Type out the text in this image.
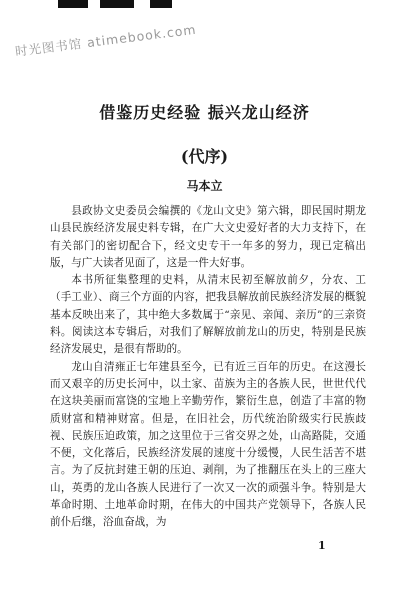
时光图书馆 atimebook.com
借鉴历史经验 振兴龙山经济
(代序)
马本立

县政协文史委员会编撰的《龙山文史》第六辑，即民国时期龙山县民族经济发展史料专辑，在广大文史爱好者的大力支持下，在有关部门的密切配合下，经文史专干一年多的努力，现已定稿出版，与广大读者见面了，这是一件大好事。

本书所征集整理的史料，从清末民初至解放前夕，分农、工（手工业）、商三个方面的内容，把我县解放前民族经济发展的概貌基本反映出来了，其中绝大多数属于“亲见、亲闻、亲历”的三亲资料。阅读这本专辑后，对我们了解解放前龙山的历史，特别是民族经济发展史，是很有帮助的。

龙山自清雍正七年建县至今，已有近三百年的历史。在这漫长而又艰辛的历史长河中，以土家、苗族为主的各族人民，世世代代在这块美丽而富饶的宝地上辛勤劳作，繁衍生息，创造了丰富的物质财富和精神财富。但是，在旧社会，历代统治阶级实行民族歧视、民族压迫政策，加之这里位于三省交界之处，山高路陡，交通不便，文化落后，民族经济发展的速度十分缓慢，人民生活苦不堪言。为了反抗封建王朝的压迫、剥削，为了推翻压在头上的三座大山，英勇的龙山各族人民进行了一次又一次的顽强斗争。特别是大革命时期、土地革命时期，在伟大的中国共产党领导下，各族人民前仆后继，浴血奋战，为

1
